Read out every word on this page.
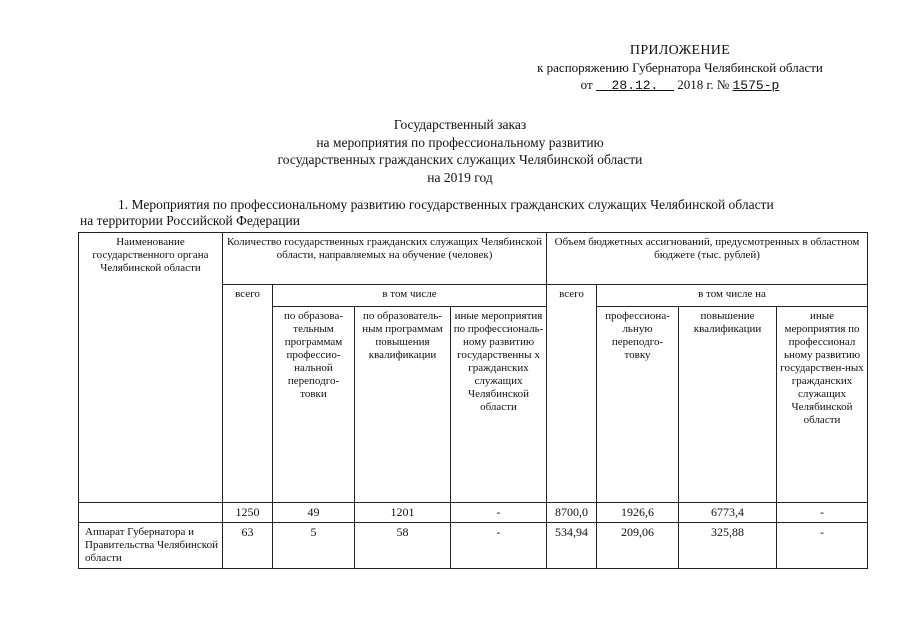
ПРИЛОЖЕНИЕ
к распоряжению Губернатора Челябинской области
от 28.12. 2018 г. № 1575-р
Государственный заказ
на мероприятия по профессиональному развитию
государственных гражданских служащих Челябинской области
на 2019 год
1. Мероприятия по профессиональному развитию государственных гражданских служащих Челябинской области
на территории Российской Федерации
Наименование государственного органа Челябинской области	Количество государственных гражданских служащих Челябинской области, направляемых на обучение (человек)				Объем бюджетных ассигнований, предусмотренных в областном бюджете (тыс. рублей)			
	всего	в том числе			всего	в том числе на		
		по образова-тельным программам профессио-нальной переподго-товки	по образователь-ным программам повышения квалификации	иные мероприятия по профессиональ-ному развитию государственны х гражданских служащих Челябинской области		профессиона-льную переподго-товку	повышение квалификации	иные мероприятия по профессионал ьному развитию государствен-ных гражданских служащих Челябинской области
	1250	49	1201	-	8700,0	1926,6	6773,4	-
Аппарат Губернатора и Правительства Челябинской области	63	5	58	-	534,94	209,06	325,88	-
